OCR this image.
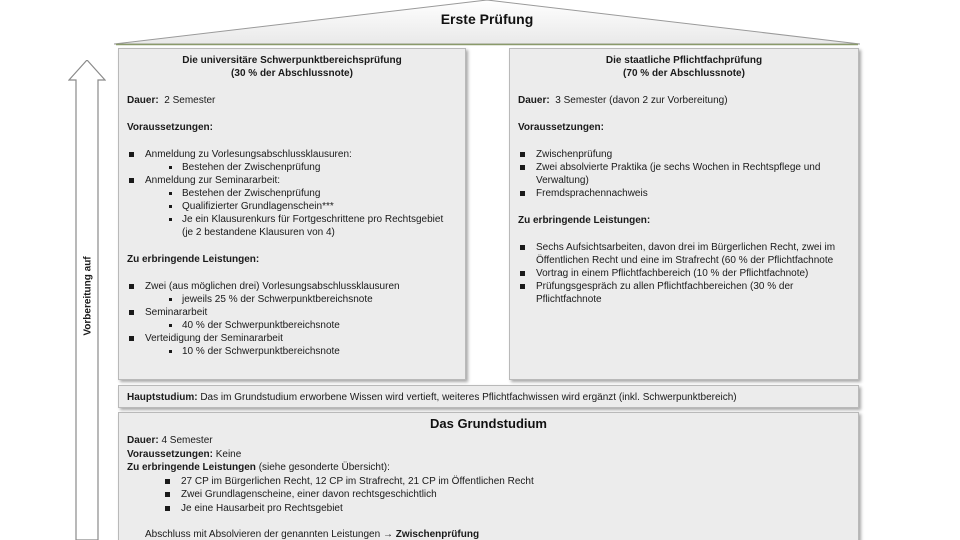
Erste Prüfung
Vorbereitung auf
Die universitäre Schwerpunktbereichsprüfung
(30 % der Abschlussnote)
Dauer: 2 Semester
Voraussetzungen:
Anmeldung zu Vorlesungsabschlussklausuren:
Bestehen der Zwischenprüfung
Anmeldung zur Seminararbeit:
Bestehen der Zwischenprüfung
Qualifizierter Grundlagenschein***
Je ein Klausurenkurs für Fortgeschrittene pro Rechtsgebiet (je 2 bestandene Klausuren von 4)
Zu erbringende Leistungen:
Zwei (aus möglichen drei) Vorlesungsabschlussklausuren
jeweils 25 % der Schwerpunktbereichsnote
Seminararbeit
40 % der Schwerpunktbereichsnote
Verteidigung der Seminararbeit
10 % der Schwerpunktbereichsnote
Die staatliche Pflichtfachprüfung
(70 % der Abschlussnote)
Dauer: 3 Semester (davon 2 zur Vorbereitung)
Voraussetzungen:
Zwischenprüfung
Zwei absolvierte Praktika (je sechs Wochen in Rechtspflege und Verwaltung)
Fremdsprachennachweis
Zu erbringende Leistungen:
Sechs Aufsichtsarbeiten, davon drei im Bürgerlichen Recht, zwei im Öffentlichen Recht und eine im Strafrecht (60 % der Pflichtfachnote
Vortrag in einem Pflichtfachbereich (10 % der Pflichtfachnote)
Prüfungsgespräch zu allen Pflichtfachbereichen (30 % der Pflichtfachnote
Hauptstudium: Das im Grundstudium erworbene Wissen wird vertieft, weiteres Pflichtfachwissen wird ergänzt (inkl. Schwerpunktbereich)
Das Grundstudium
Dauer: 4 Semester
Voraussetzungen: Keine
Zu erbringende Leistungen (siehe gesonderte Übersicht):
27 CP im Bürgerlichen Recht, 12 CP im Strafrecht, 21 CP im Öffentlichen Recht
Zwei Grundlagenscheine, einer davon rechtsgeschichtlich
Je eine Hausarbeit pro Rechtsgebiet
Abschluss mit Absolvieren der genannten Leistungen → Zwischenprüfung
